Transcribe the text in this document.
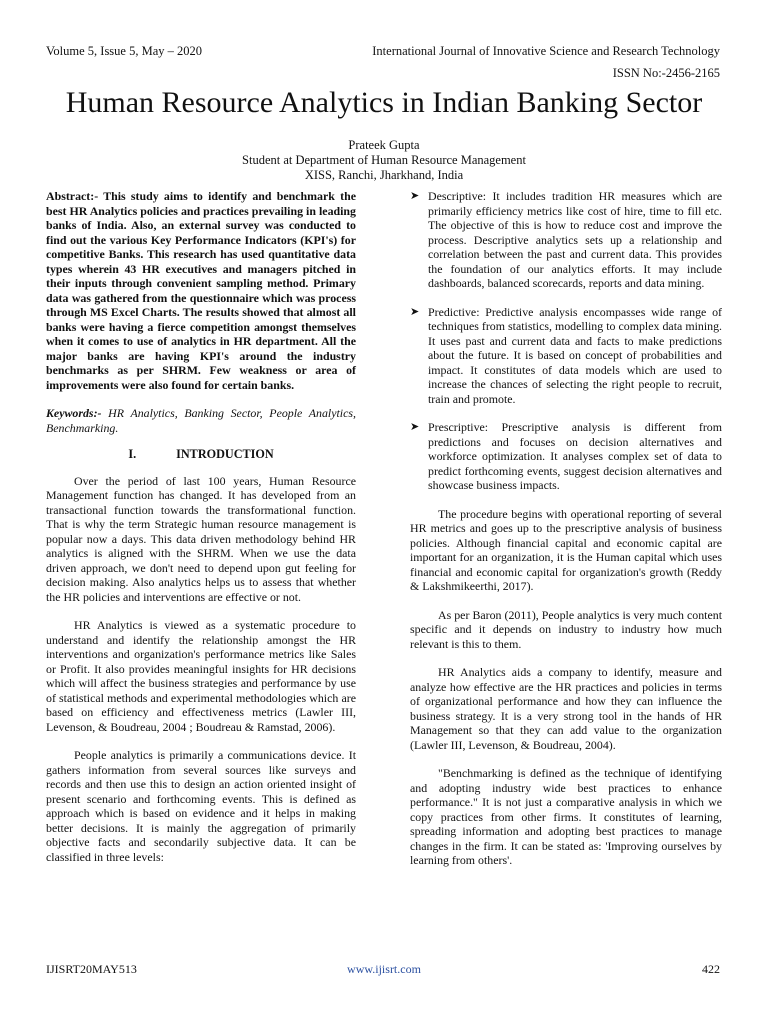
Volume 5, Issue 5, May – 2020	International Journal of Innovative Science and Research Technology
ISSN No:-2456-2165
Human Resource Analytics in Indian Banking Sector
Prateek Gupta
Student at Department of Human Resource Management
XISS, Ranchi, Jharkhand, India

Abstract:- This study aims to identify and benchmark the best HR Analytics policies and practices prevailing in leading banks of India. Also, an external survey was conducted to find out the various Key Performance Indicators (KPI's) for competitive Banks. This research has used quantitative data types wherein 43 HR executives and managers pitched in their inputs through convenient sampling method. Primary data was gathered from the questionnaire which was process through MS Excel Charts. The results showed that almost all banks were having a fierce competition amongst themselves when it comes to use of analytics in HR department. All the major banks are having KPI's around the industry benchmarks as per SHRM. Few weakness or area of improvements were also found for certain banks.

Keywords:- HR Analytics, Banking Sector, People Analytics, Benchmarking.

I.	INTRODUCTION

Over the period of last 100 years, Human Resource Management function has changed. It has developed from an transactional function towards the transformational function. That is why the term Strategic human resource management is popular now a days. This data driven methodology behind HR analytics is aligned with the SHRM. When we use the data driven approach, we don't need to depend upon gut feeling for decision making. Also analytics helps us to assess that whether the HR policies and interventions are effective or not.

HR Analytics is viewed as a systematic procedure to understand and identify the relationship amongst the HR interventions and organization's performance metrics like Sales or Profit. It also provides meaningful insights for HR decisions which will affect the business strategies and performance by use of statistical methods and experimental methodologies which are based on efficiency and effectiveness metrics (Lawler III, Levenson, & Boudreau, 2004 ; Boudreau & Ramstad, 2006).

People analytics is primarily a communications device. It gathers information from several sources like surveys and records and then use this to design an action oriented insight of present scenario and forthcoming events. This is defined as approach which is based on evidence and it helps in making better decisions. It is mainly the aggregation of primarily objective facts and secondarily subjective data. It can be classified in three levels:

➤ Descriptive: It includes tradition HR measures which are primarily efficiency metrics like cost of hire, time to fill etc. The objective of this is how to reduce cost and improve the process. Descriptive analytics sets up a relationship and correlation between the past and current data. This provides the foundation of our analytics efforts. It may include dashboards, balanced scorecards, reports and data mining.

➤ Predictive: Predictive analysis encompasses wide range of techniques from statistics, modelling to complex data mining. It uses past and current data and facts to make predictions about the future. It is based on concept of probabilities and impact. It constitutes of data models which are used to increase the chances of selecting the right people to recruit, train and promote.

➤ Prescriptive: Prescriptive analysis is different from predictions and focuses on decision alternatives and workforce optimization. It analyses complex set of data to predict forthcoming events, suggest decision alternatives and showcase business impacts.

The procedure begins with operational reporting of several HR metrics and goes up to the prescriptive analysis of business policies. Although financial capital and economic capital are important for an organization, it is the Human capital which uses financial and economic capital for organization's growth (Reddy & Lakshmikeerthi, 2017).

As per Baron (2011), People analytics is very much content specific and it depends on industry to industry how much relevant is this to them.

HR Analytics aids a company to identify, measure and analyze how effective are the HR practices and policies in terms of organizational performance and how they can influence the business strategy. It is a very strong tool in the hands of HR Management so that they can add value to the organization (Lawler III, Levenson, & Boudreau, 2004).

"Benchmarking is defined as the technique of identifying and adopting industry wide best practices to enhance performance." It is not just a comparative analysis in which we copy practices from other firms. It constitutes of learning, spreading information and adopting best practices to manage changes in the firm. It can be stated as: 'Improving ourselves by learning from others'.

IJISRT20MAY513	www.ijisrt.com	422
